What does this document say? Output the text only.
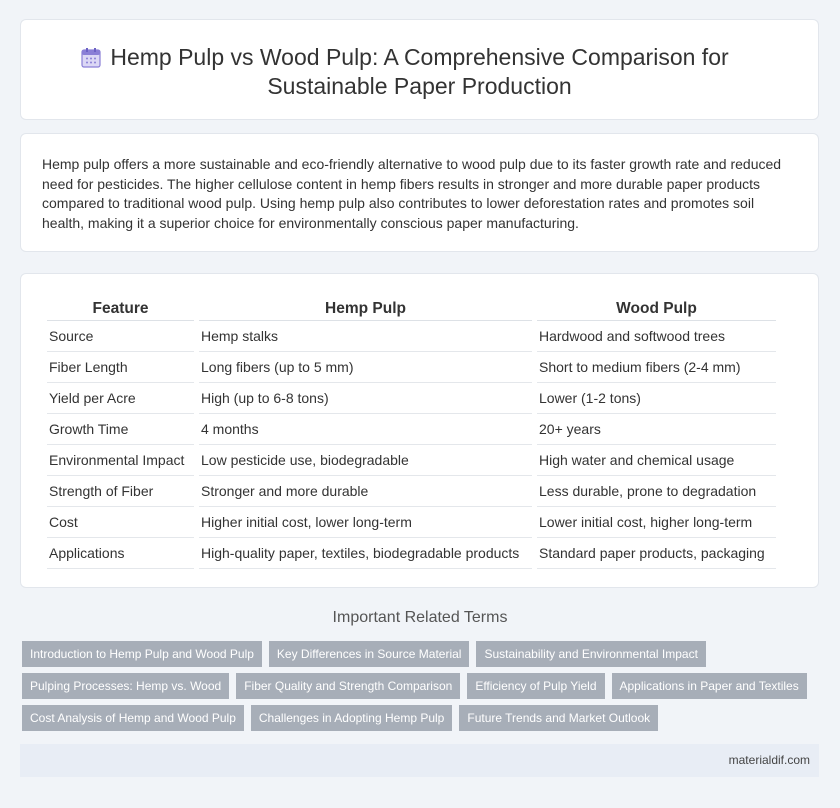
Hemp Pulp vs Wood Pulp: A Comprehensive Comparison for Sustainable Paper Production

Hemp pulp offers a more sustainable and eco-friendly alternative to wood pulp due to its faster growth rate and reduced need for pesticides. The higher cellulose content in hemp fibers results in stronger and more durable paper products compared to traditional wood pulp. Using hemp pulp also contributes to lower deforestation rates and promotes soil health, making it a superior choice for environmentally conscious paper manufacturing.

Feature	Hemp Pulp	Wood Pulp
Source	Hemp stalks	Hardwood and softwood trees
Fiber Length	Long fibers (up to 5 mm)	Short to medium fibers (2-4 mm)
Yield per Acre	High (up to 6-8 tons)	Lower (1-2 tons)
Growth Time	4 months	20+ years
Environmental Impact	Low pesticide use, biodegradable	High water and chemical usage
Strength of Fiber	Stronger and more durable	Less durable, prone to degradation
Cost	Higher initial cost, lower long-term	Lower initial cost, higher long-term
Applications	High-quality paper, textiles, biodegradable products	Standard paper products, packaging
Important Related Terms
Introduction to Hemp Pulp and Wood Pulp	Key Differences in Source Material	Sustainability and Environmental Impact
Pulping Processes: Hemp vs. Wood	Fiber Quality and Strength Comparison	Efficiency of Pulp Yield	Applications in Paper and Textiles
Cost Analysis of Hemp and Wood Pulp	Challenges in Adopting Hemp Pulp	Future Trends and Market Outlook
materialdif.com
